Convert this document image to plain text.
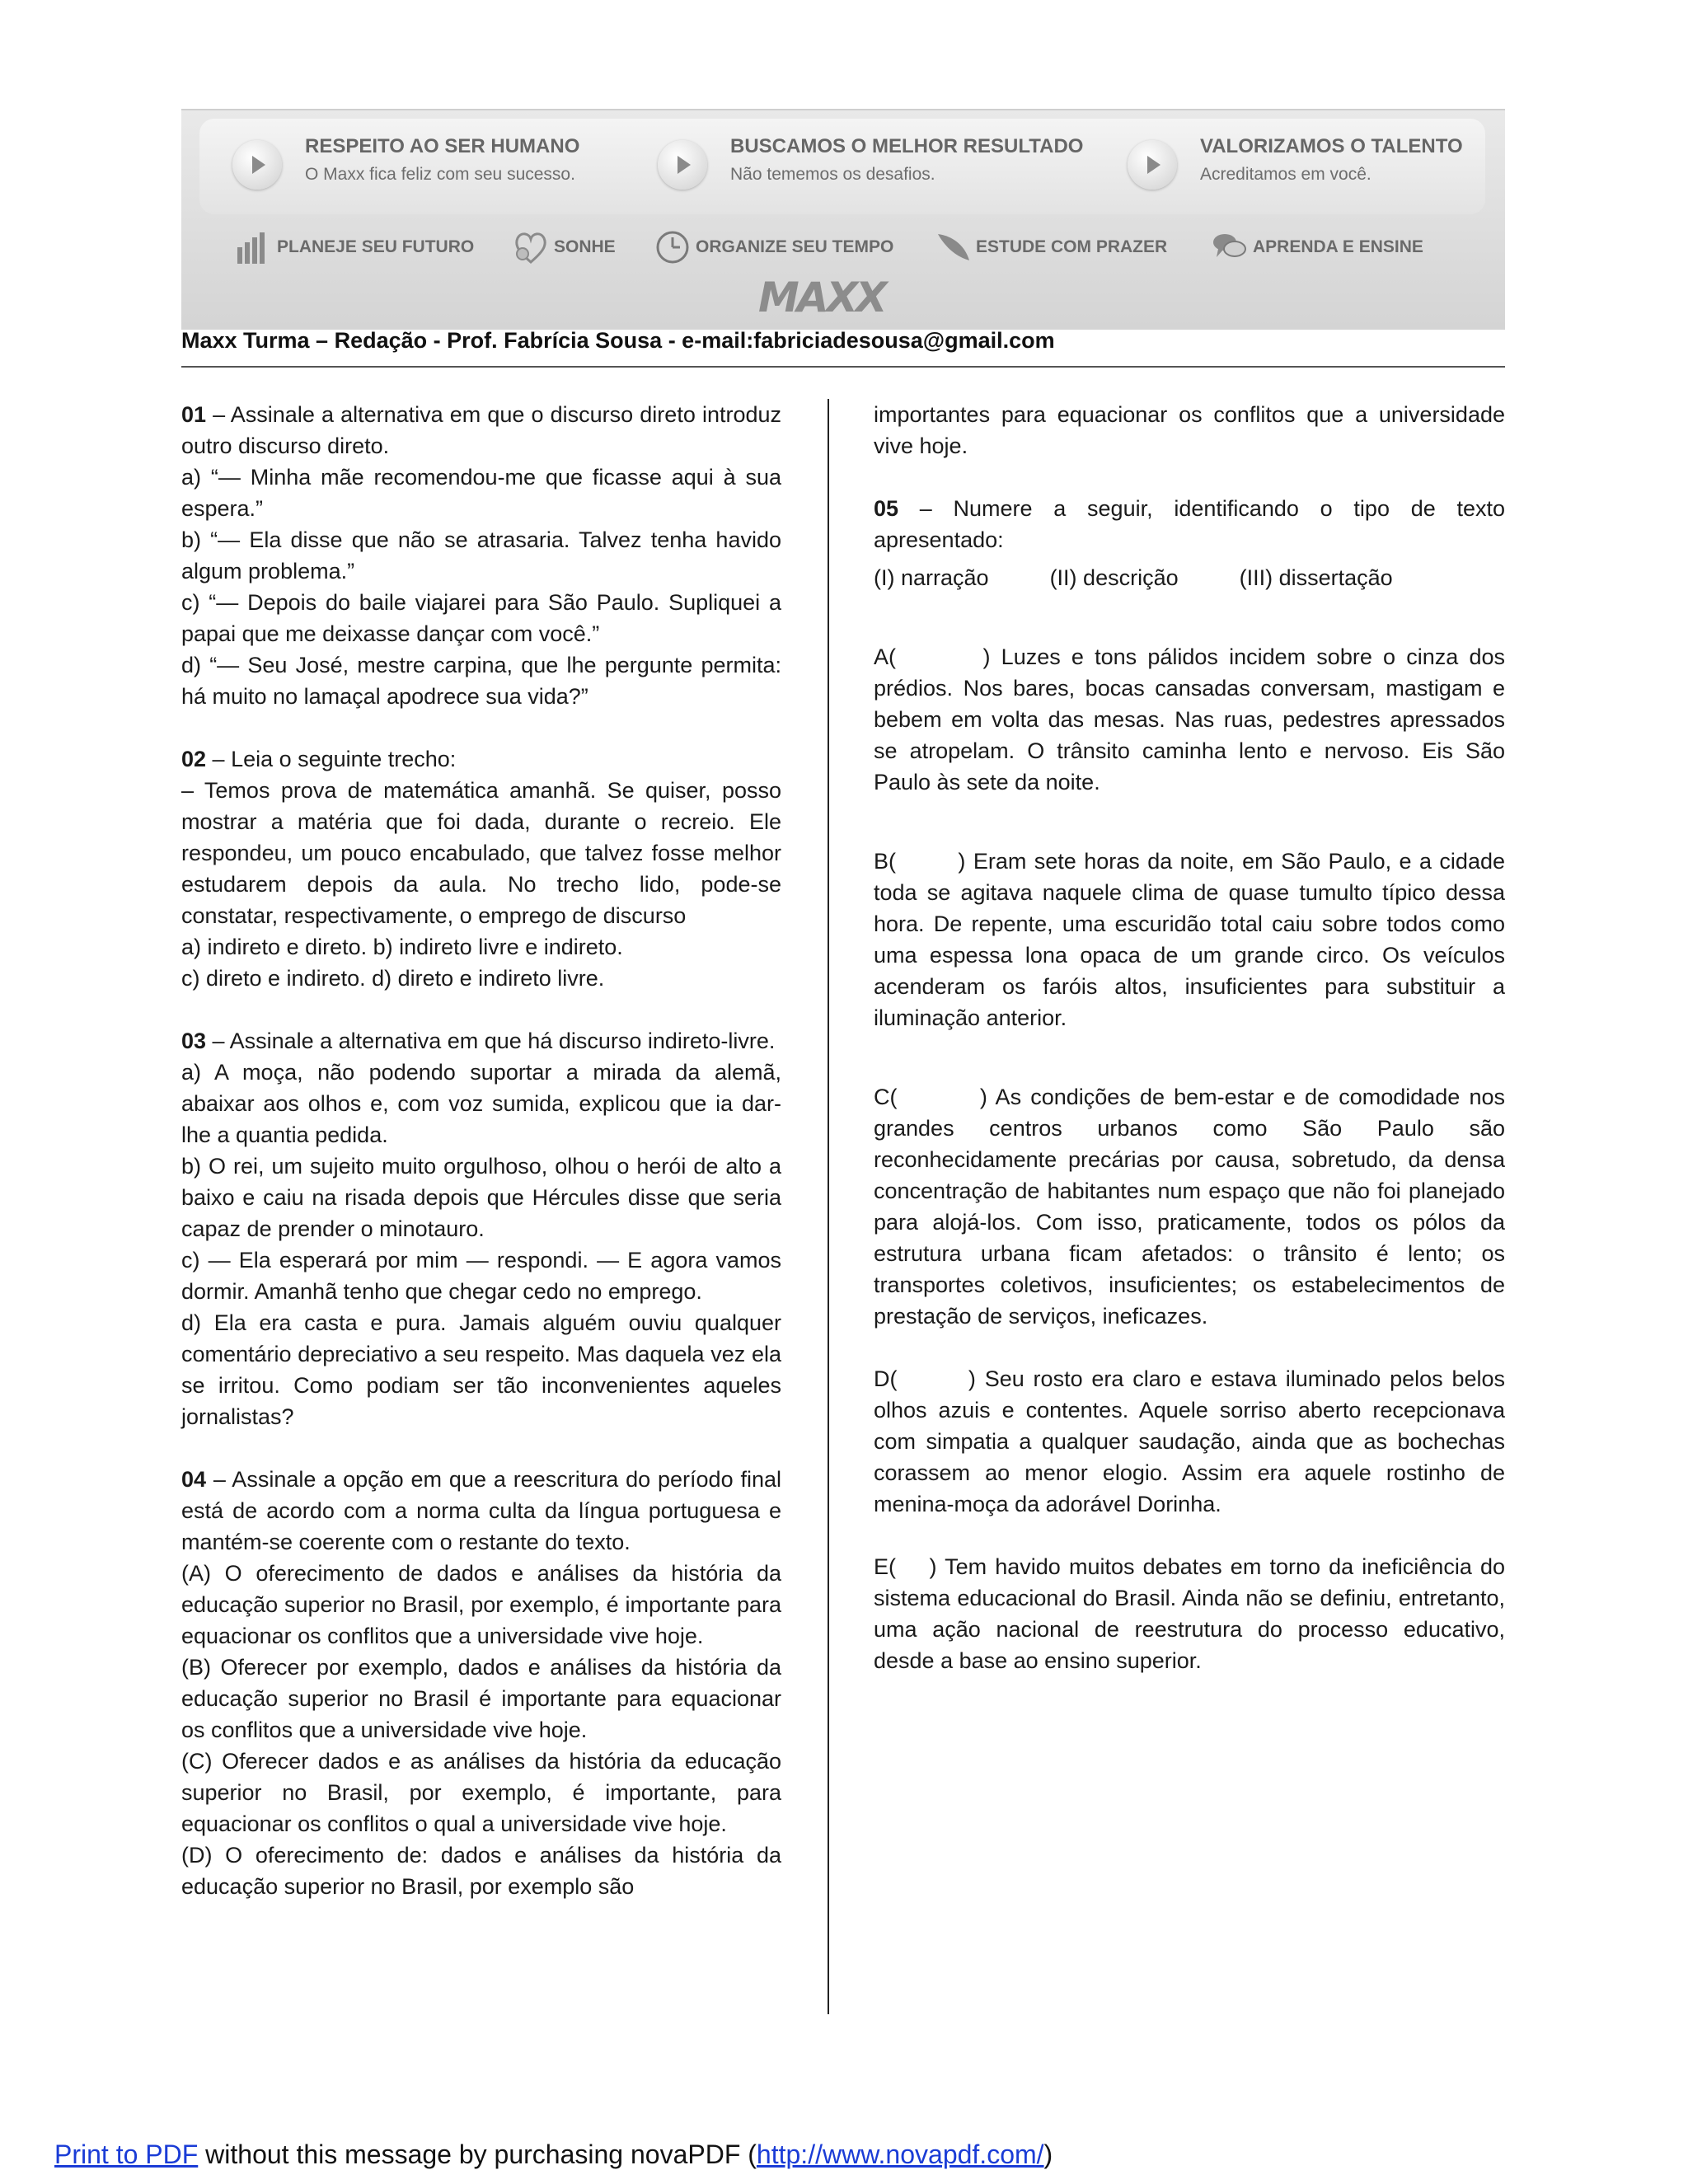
RESPEITO AO SER HUMANO
O Maxx fica feliz com seu sucesso.
BUSCAMOS O MELHOR RESULTADO
Não tememos os desafios.
VALORIZAMOS O TALENTO
Acreditamos em você.
PLANEJE SEU FUTURO	SONHE	ORGANIZE SEU TEMPO	ESTUDE COM PRAZER	APRENDA E ENSINE
MAXX
Maxx Turma – Redação - Prof. Fabrícia Sousa - e-mail:fabriciadesousa@gmail.com

01 – Assinale a alternativa em que o discurso direto introduz outro discurso direto.

a) “— Minha mãe recomendou-me que ficasse aqui à sua espera.”

b) “— Ela disse que não se atrasaria. Talvez tenha havido algum problema.”

c) “— Depois do baile viajarei para São Paulo. Supliquei a papai que me deixasse dançar com você.”

d) “— Seu José, mestre carpina, que lhe pergunte permita: há muito no lamaçal apodrece sua vida?”

02 – Leia o seguinte trecho:

– Temos prova de matemática amanhã. Se quiser, posso mostrar a matéria que foi dada, durante o recreio. Ele respondeu, um pouco encabulado, que talvez fosse melhor estudarem depois da aula. No trecho lido, pode-se constatar, respectivamente, o emprego de discurso

a) indireto e direto. b) indireto livre e indireto.

c) direto e indireto. d) direto e indireto livre.

03 – Assinale a alternativa em que há discurso indireto-livre.

a) A moça, não podendo suportar a mirada da alemã, abaixar aos olhos e, com voz sumida, explicou que ia dar-lhe a quantia pedida.

b) O rei, um sujeito muito orgulhoso, olhou o herói de alto a baixo e caiu na risada depois que Hércules disse que seria capaz de prender o minotauro.

c) — Ela esperará por mim — respondi. — E agora vamos dormir. Amanhã tenho que chegar cedo no emprego.

d) Ela era casta e pura. Jamais alguém ouviu qualquer comentário depreciativo a seu respeito. Mas daquela vez ela se irritou. Como podiam ser tão inconvenientes aqueles jornalistas?

04 – Assinale a opção em que a reescritura do período final está de acordo com a norma culta da língua portuguesa e mantém-se coerente com o restante do texto.

(A) O oferecimento de dados e análises da história da educação superior no Brasil, por exemplo, é importante para equacionar os conflitos que a universidade vive hoje.

(B) Oferecer por exemplo, dados e análises da história da educação superior no Brasil é importante para equacionar os conflitos que a universidade vive hoje.

(C) Oferecer dados e as análises da história da educação superior no Brasil, por exemplo, é importante, para equacionar os conflitos o qual a universidade vive hoje.

(D) O oferecimento de: dados e análises da história da educação superior no Brasil, por exemplo são

importantes para equacionar os conflitos que a universidade vive hoje.

05 – Numere a seguir, identificando o tipo de texto apresentado:

(I) narração	(II) descrição	(III) dissertação

A(        ) Luzes e tons pálidos incidem sobre o cinza dos prédios. Nos bares, bocas cansadas conversam, mastigam e bebem em volta das mesas. Nas ruas, pedestres apressados se atropelam. O trânsito caminha lento e nervoso. Eis São Paulo às sete da noite.

B(        ) Eram sete horas da noite, em São Paulo, e a cidade toda se agitava naquele clima de quase tumulto típico dessa hora. De repente, uma escuridão total caiu sobre todos como uma espessa lona opaca de um grande circo. Os veículos acenderam os faróis altos, insuficientes para substituir a iluminação anterior.

C(         ) As condições de bem-estar e de comodidade nos grandes centros urbanos como São Paulo são reconhecidamente precárias por causa, sobretudo, da densa concentração de habitantes num espaço que não foi planejado para alojá-los. Com isso, praticamente, todos os pólos da estrutura urbana ficam afetados: o trânsito é lento; os transportes coletivos, insuficientes; os estabelecimentos de prestação de serviços, ineficazes.

D(        ) Seu rosto era claro e estava iluminado pelos belos olhos azuis e contentes. Aquele sorriso aberto recepcionava com simpatia a qualquer saudação, ainda que as bochechas corassem ao menor elogio. Assim era aquele rostinho de menina-moça da adorável Dorinha.

E(    ) Tem havido muitos debates em torno da ineficiência do sistema educacional do Brasil. Ainda não se definiu, entretanto, uma ação nacional de reestrutura do processo educativo, desde a base ao ensino superior.

Print to PDF without this message by purchasing novaPDF (http://www.novapdf.com/)
